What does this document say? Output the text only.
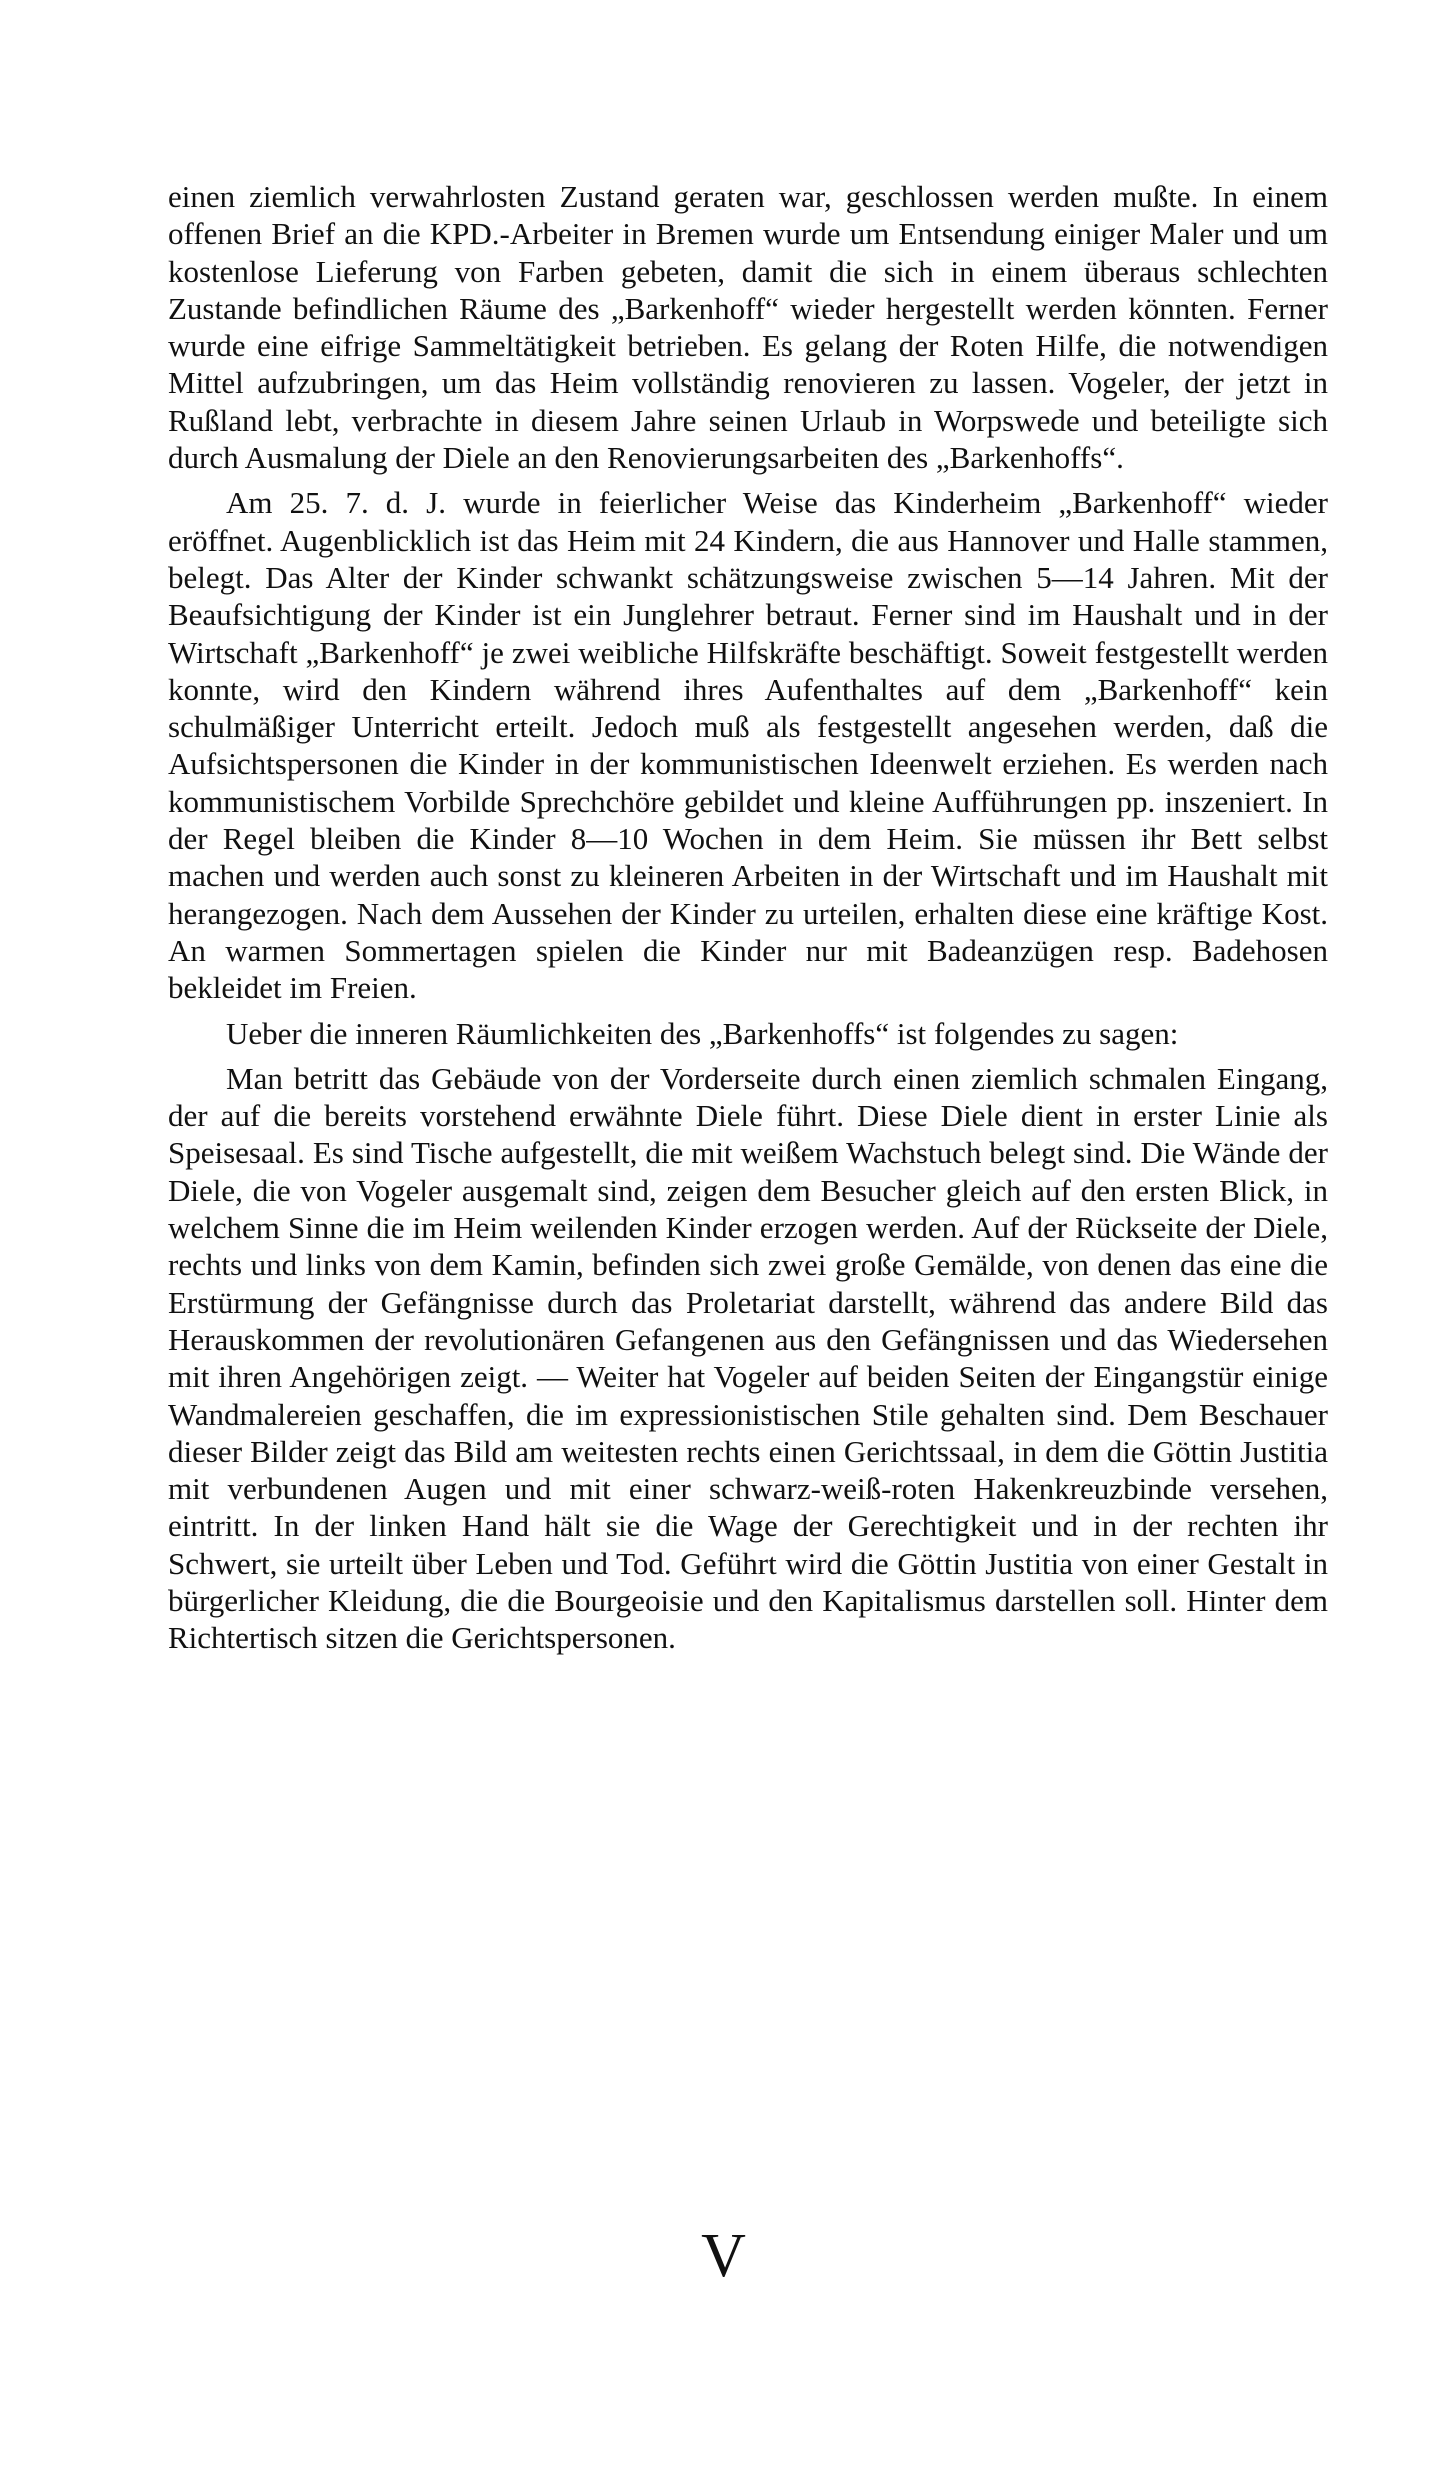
einen ziemlich verwahrlosten Zustand geraten war, geschlossen werden mußte. In einem offenen Brief an die KPD.-Arbeiter in Bremen wurde um Entsendung einiger Maler und um kostenlose Lieferung von Farben gebeten, damit die sich in einem überaus schlechten Zustande befindlichen Räume des „Barkenhoff“ wieder hergestellt werden könnten. Ferner wurde eine eifrige Sammeltätigkeit betrieben. Es gelang der Roten Hilfe, die notwendigen Mittel aufzubringen, um das Heim vollständig renovieren zu lassen. Vogeler, der jetzt in Rußland lebt, verbrachte in diesem Jahre seinen Urlaub in Worpswede und beteiligte sich durch Ausmalung der Diele an den Renovierungsarbeiten des „Barkenhoffs“.

Am 25. 7. d. J. wurde in feierlicher Weise das Kinderheim „Barkenhoff“ wieder eröffnet. Augenblicklich ist das Heim mit 24 Kindern, die aus Hannover und Halle stammen, belegt. Das Alter der Kinder schwankt schätzungsweise zwischen 5—14 Jahren. Mit der Beaufsichtigung der Kinder ist ein Junglehrer betraut. Ferner sind im Haushalt und in der Wirtschaft „Barkenhoff“ je zwei weibliche Hilfskräfte beschäftigt. Soweit festgestellt werden konnte, wird den Kindern während ihres Aufenthaltes auf dem „Barkenhoff“ kein schulmäßiger Unterricht erteilt. Jedoch muß als festgestellt angesehen werden, daß die Aufsichtspersonen die Kinder in der kommunistischen Ideenwelt erziehen. Es werden nach kommunistischem Vorbilde Sprechchöre gebildet und kleine Aufführungen pp. inszeniert. In der Regel bleiben die Kinder 8—10 Wochen in dem Heim. Sie müssen ihr Bett selbst machen und werden auch sonst zu kleineren Arbeiten in der Wirtschaft und im Haushalt mit herangezogen. Nach dem Aussehen der Kinder zu urteilen, erhalten diese eine kräftige Kost. An warmen Sommertagen spielen die Kinder nur mit Badeanzügen resp. Badehosen bekleidet im Freien.

Ueber die inneren Räumlichkeiten des „Barkenhoffs“ ist folgendes zu sagen:

Man betritt das Gebäude von der Vorderseite durch einen ziemlich schmalen Eingang, der auf die bereits vorstehend erwähnte Diele führt. Diese Diele dient in erster Linie als Speisesaal. Es sind Tische aufgestellt, die mit weißem Wachstuch belegt sind. Die Wände der Diele, die von Vogeler ausgemalt sind, zeigen dem Besucher gleich auf den ersten Blick, in welchem Sinne die im Heim weilenden Kinder erzogen werden. Auf der Rückseite der Diele, rechts und links von dem Kamin, befinden sich zwei große Gemälde, von denen das eine die Erstürmung der Gefängnisse durch das Proletariat darstellt, während das andere Bild das Herauskommen der revolutionären Gefangenen aus den Gefängnissen und das Wiedersehen mit ihren Angehörigen zeigt. — Weiter hat Vogeler auf beiden Seiten der Eingangstür einige Wandmalereien geschaffen, die im expressionistischen Stile gehalten sind. Dem Beschauer dieser Bilder zeigt das Bild am weitesten rechts einen Gerichtssaal, in dem die Göttin Justitia mit verbundenen Augen und mit einer schwarz-weiß-roten Hakenkreuzbinde versehen, eintritt. In der linken Hand hält sie die Wage der Gerechtigkeit und in der rechten ihr Schwert, sie urteilt über Leben und Tod. Geführt wird die Göttin Justitia von einer Gestalt in bürgerlicher Kleidung, die die Bourgeoisie und den Kapitalismus darstellen soll. Hinter dem Richtertisch sitzen die Gerichtspersonen.

V
